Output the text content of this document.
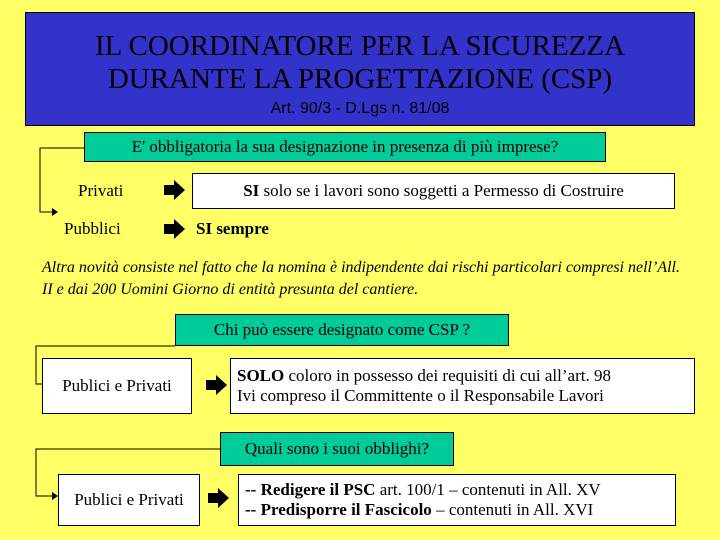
IL COORDINATORE PER LA SICUREZZA
DURANTE LA PROGETTAZIONE (CSP)
Art. 90/3 - D.Lgs n. 81/08
E' obbligatoria la sua designazione in presenza di più imprese?
Privati	SI solo se i lavori sono soggetti a Permesso di Costruire
Pubblici	SI sempre
Altra novità consiste nel fatto che la nomina è indipendente dai rischi particolari compresi nell’All. II e dai 200 Uomini Giorno di entità presunta del cantiere.
Chi può essere designato come CSP ?
Publici e Privati
SOLO coloro in possesso dei requisiti di cui all’art. 98
Ivi compreso il Committente o il Responsabile Lavori
Quali sono i suoi obblighi?
Publici e Privati
-- Redigere il PSC art. 100/1 – contenuti in All. XV
-- Predisporre il Fascicolo – contenuti in All. XVI
